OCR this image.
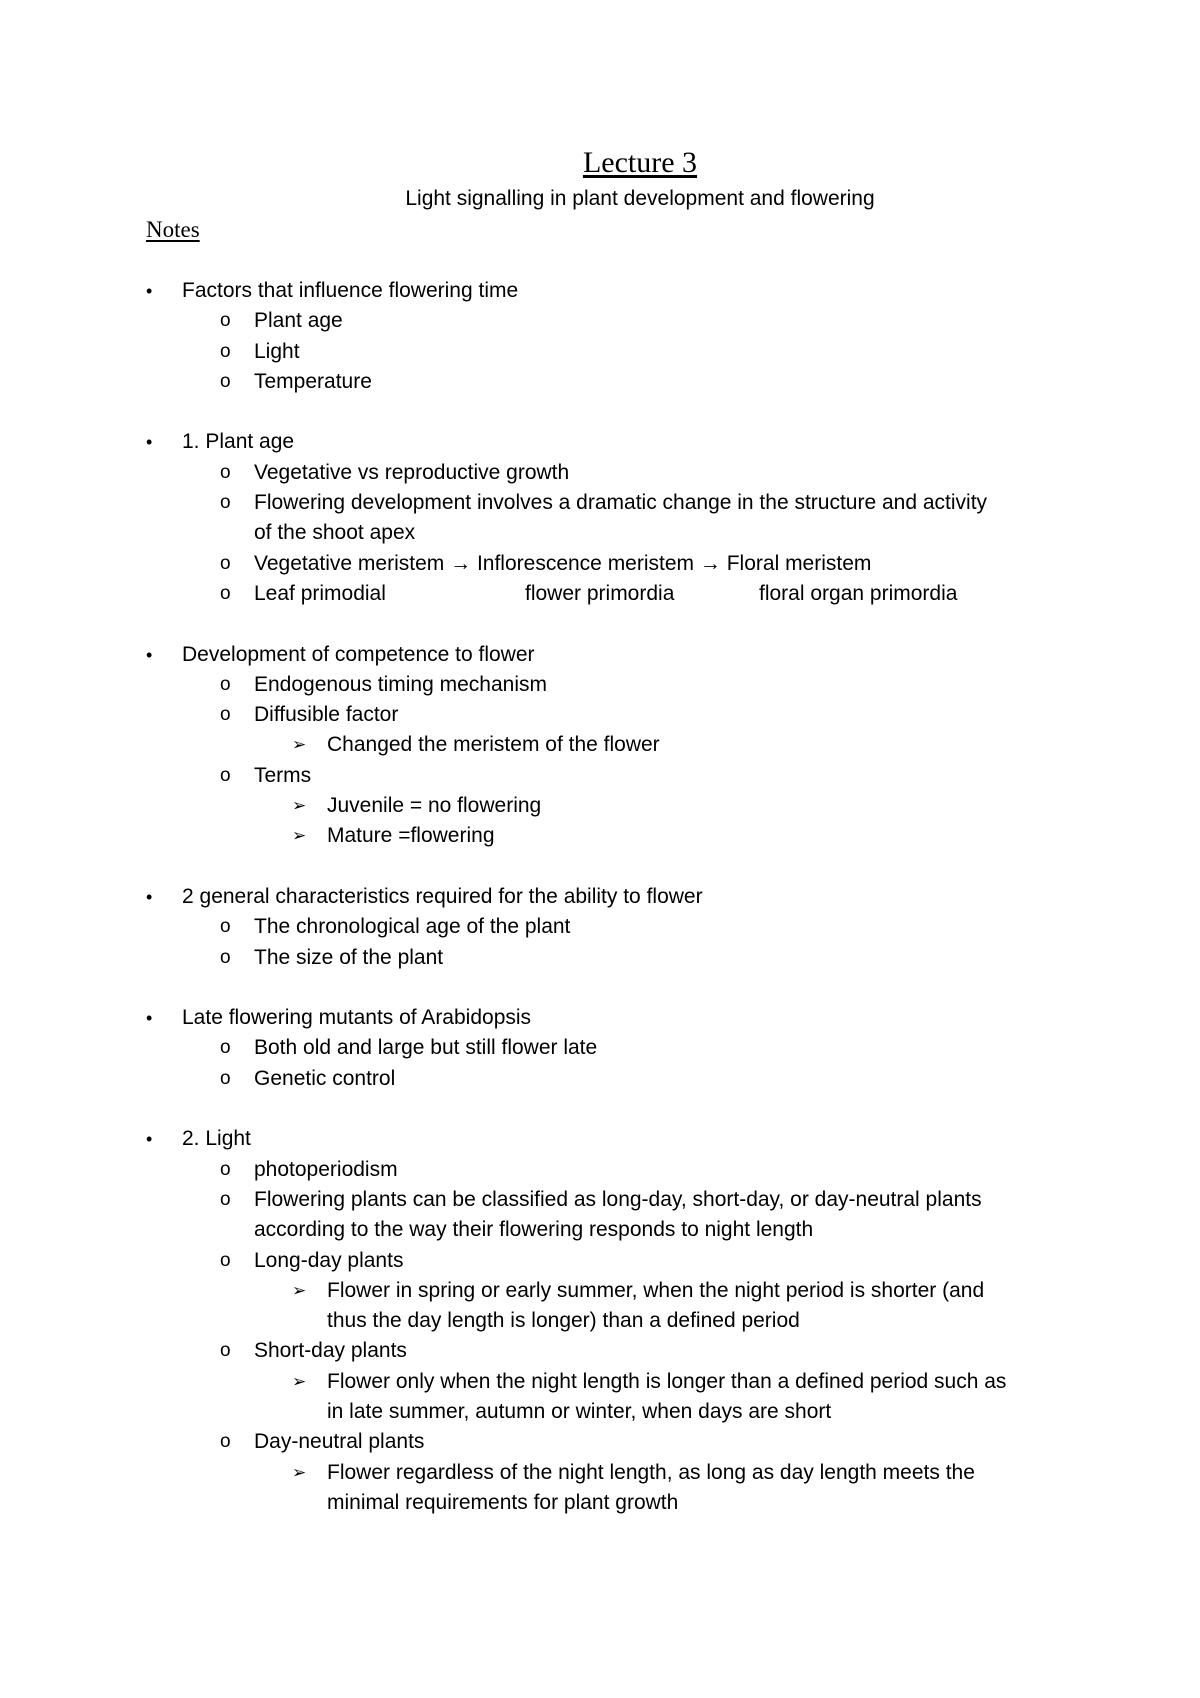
Lecture 3
Light signalling in plant development and flowering
Notes
• Factors that influence flowering time
o Plant age
o Light
o Temperature
• 1. Plant age
o Vegetative vs reproductive growth
o Flowering development involves a dramatic change in the structure and activity
of the shoot apex
o Vegetative meristem → Inflorescence meristem → Floral meristem
o Leaf primodial	flower primordia	floral organ primordia
• Development of competence to flower
o Endogenous timing mechanism
o Diffusible factor
➢ Changed the meristem of the flower
o Terms
➢ Juvenile = no flowering
➢ Mature =flowering
• 2 general characteristics required for the ability to flower
o The chronological age of the plant
o The size of the plant
• Late flowering mutants of Arabidopsis
o Both old and large but still flower late
o Genetic control
• 2. Light
o photoperiodism
o Flowering plants can be classified as long-day, short-day, or day-neutral plants
according to the way their flowering responds to night length
o Long-day plants
➢ Flower in spring or early summer, when the night period is shorter (and
thus the day length is longer) than a defined period
o Short-day plants
➢ Flower only when the night length is longer than a defined period such as
in late summer, autumn or winter, when days are short
o Day-neutral plants
➢ Flower regardless of the night length, as long as day length meets the
minimal requirements for plant growth
